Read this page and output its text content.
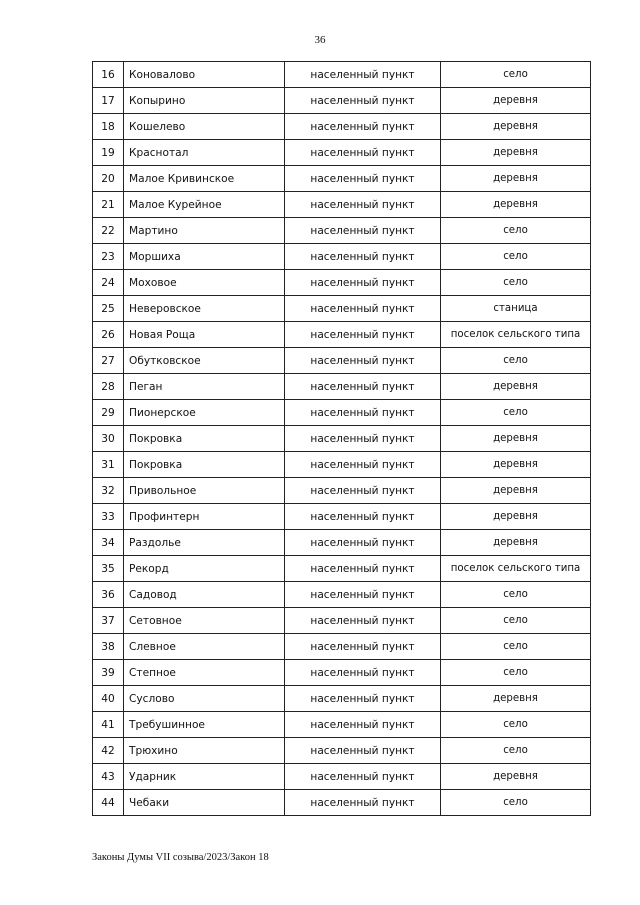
36
16	Коновалово	населенный пункт	село
17	Копырино	населенный пункт	деревня
18	Кошелево	населенный пункт	деревня
19	Краснотал	населенный пункт	деревня
20	Малое Кривинское	населенный пункт	деревня
21	Малое Курейное	населенный пункт	деревня
22	Мартино	населенный пункт	село
23	Моршиха	населенный пункт	село
24	Моховое	населенный пункт	село
25	Неверовское	населенный пункт	станица
26	Новая Роща	населенный пункт	поселок сельского типа
27	Обутковское	населенный пункт	село
28	Пеган	населенный пункт	деревня
29	Пионерское	населенный пункт	село
30	Покровка	населенный пункт	деревня
31	Покровка	населенный пункт	деревня
32	Привольное	населенный пункт	деревня
33	Профинтерн	населенный пункт	деревня
34	Раздолье	населенный пункт	деревня
35	Рекорд	населенный пункт	поселок сельского типа
36	Садовод	населенный пункт	село
37	Сетовное	населенный пункт	село
38	Слевное	населенный пункт	село
39	Степное	населенный пункт	село
40	Суслово	населенный пункт	деревня
41	Требушинное	населенный пункт	село
42	Трюхино	населенный пункт	село
43	Ударник	населенный пункт	деревня
44	Чебаки	населенный пункт	село
Законы Думы VII созыва/2023/Закон 18
